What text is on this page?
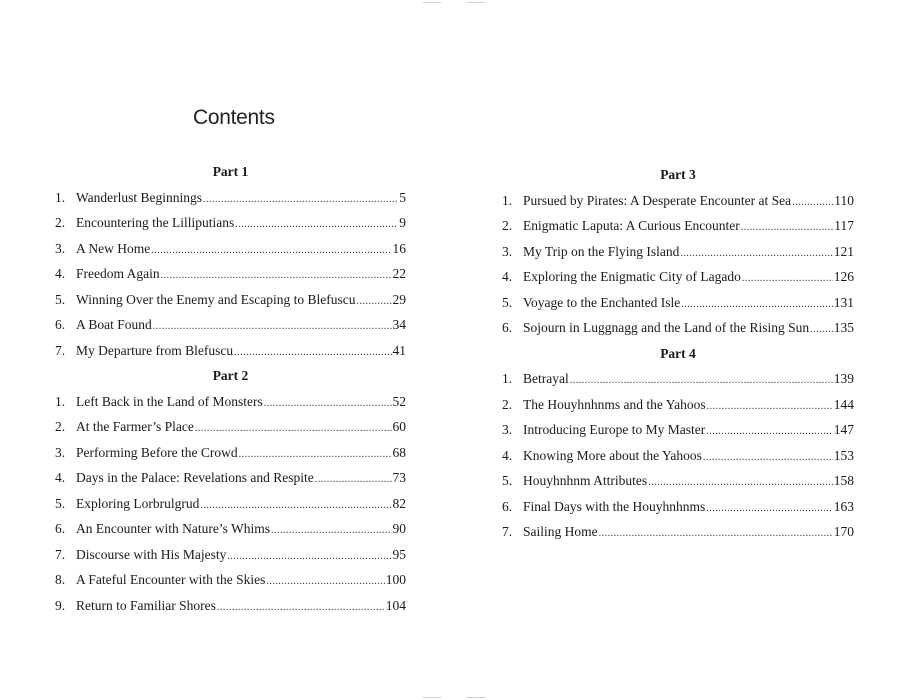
Contents
Part 1
1. Wanderlust Beginnings .....	5
2. Encountering the Lilliputians .....	9
3. A New Home .....	16
4. Freedom Again .....	22
5. Winning Over the Enemy and Escaping to Blefuscu .....	29
6. A Boat Found .....	34
7. My Departure from Blefuscu .....	41
Part 2
1. Left Back in the Land of Monsters .....	52
2. At the Farmer’s Place .....	60
3. Performing Before the Crowd .....	68
4. Days in the Palace: Revelations and Respite .....	73
5. Exploring Lorbrulgrud .....	82
6. An Encounter with Nature’s Whims .....	90
7. Discourse with His Majesty .....	95
8. A Fateful Encounter with the Skies .....	100
9. Return to Familiar Shores .....	104
Part 3
1. Pursued by Pirates: A Desperate Encounter at Sea .....	110
2. Enigmatic Laputa: A Curious Encounter .....	117
3. My Trip on the Flying Island .....	121
4. Exploring the Enigmatic City of Lagado .....	126
5. Voyage to the Enchanted Isle .....	131
6. Sojourn in Luggnagg and the Land of the Rising Sun ..... 135
Part 4
1. Betrayal .....	139
2. The Houyhnhnms and the Yahoos .....	144
3. Introducing Europe to My Master .....	147
4. Knowing More about the Yahoos .....	153
5. Houyhnhnm Attributes .....	158
6. Final Days with the Houyhnhnms .....	163
7. Sailing Home .....	170
